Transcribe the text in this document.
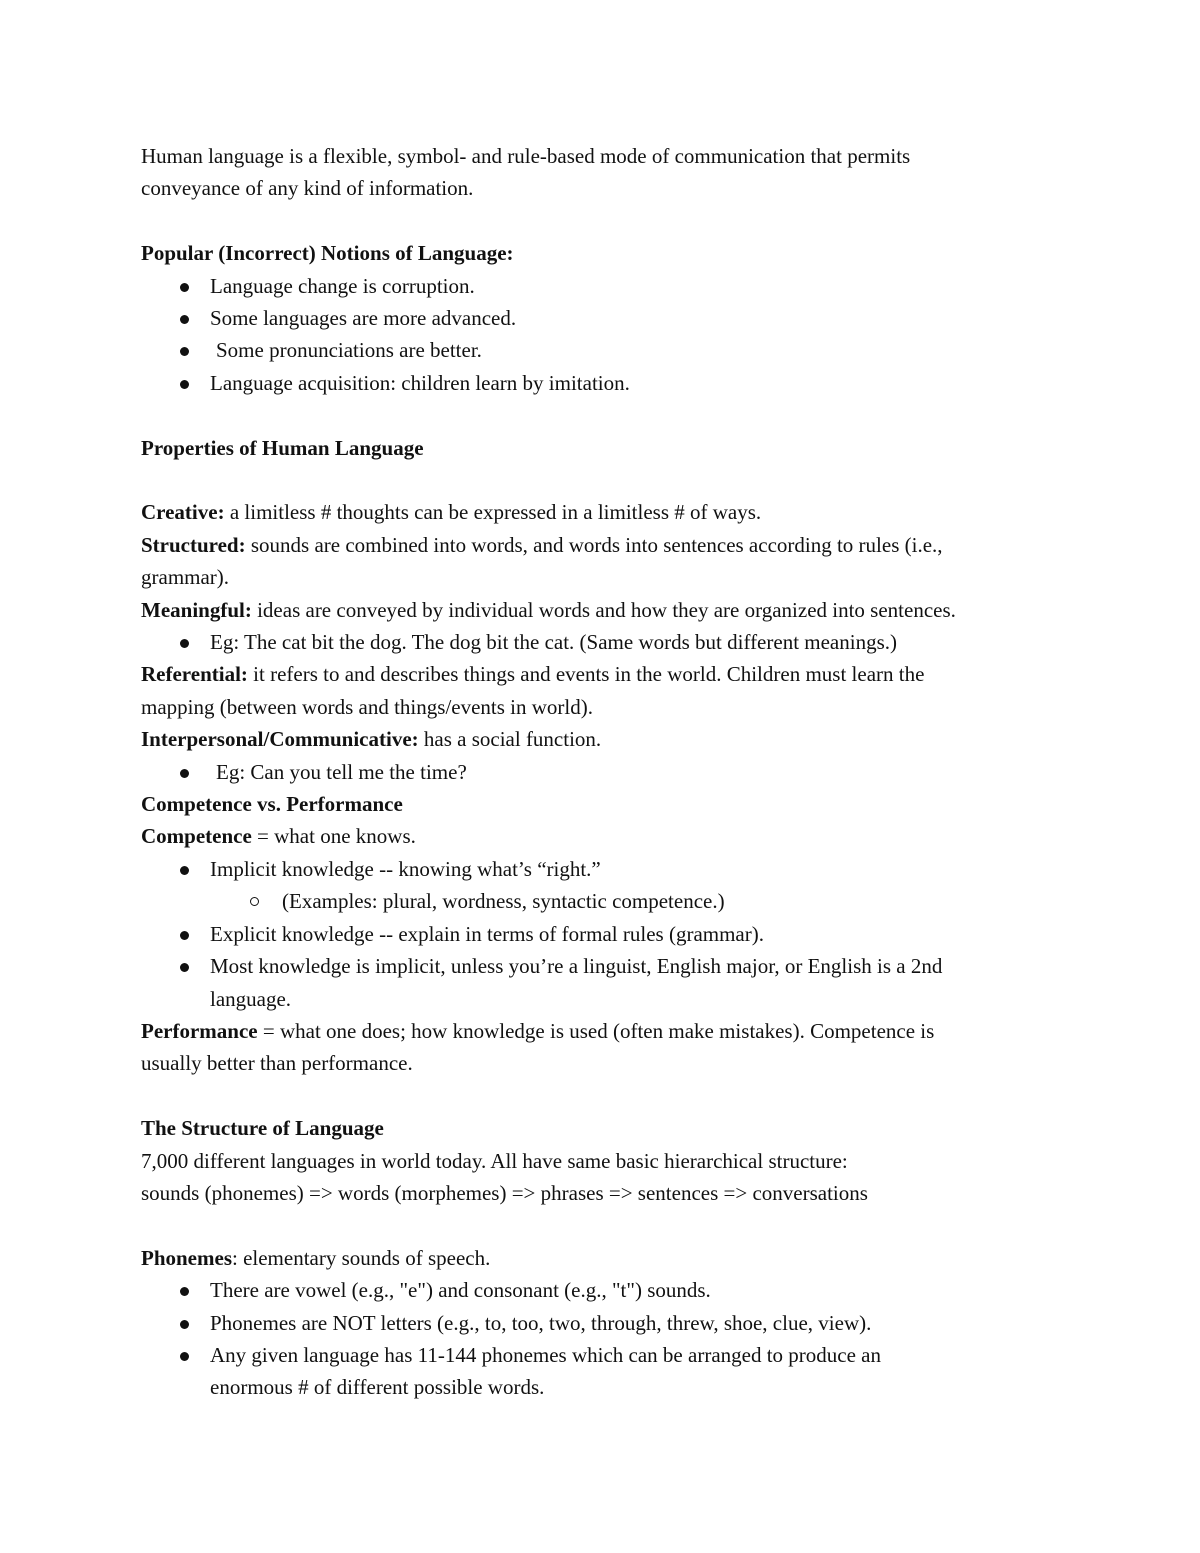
Human language is a flexible, symbol- and rule-based mode of communication that permits
conveyance of any kind of information.
Popular (Incorrect) Notions of Language:
Language change is corruption.
Some languages are more advanced.
Some pronunciations are better.
Language acquisition: children learn by imitation.
Properties of Human Language
Creative: a limitless # thoughts can be expressed in a limitless # of ways.
Structured: sounds are combined into words, and words into sentences according to rules (i.e.,
grammar).
Meaningful: ideas are conveyed by individual words and how they are organized into sentences.
Eg: The cat bit the dog. The dog bit the cat. (Same words but different meanings.)
Referential: it refers to and describes things and events in the world. Children must learn the
mapping (between words and things/events in world).
Interpersonal/Communicative: has a social function.
Eg: Can you tell me the time?
Competence vs. Performance
Competence = what one knows.
Implicit knowledge -- knowing what’s “right.”
(Examples: plural, wordness, syntactic competence.)
Explicit knowledge -- explain in terms of formal rules (grammar).
Most knowledge is implicit, unless you’re a linguist, English major, or English is a 2nd
language.
Performance = what one does; how knowledge is used (often make mistakes). Competence is
usually better than performance.
The Structure of Language
7,000 different languages in world today. All have same basic hierarchical structure:
sounds (phonemes) => words (morphemes) => phrases => sentences => conversations
Phonemes: elementary sounds of speech.
There are vowel (e.g., "e") and consonant (e.g., "t") sounds.
Phonemes are NOT letters (e.g., to, too, two, through, threw, shoe, clue, view).
Any given language has 11-144 phonemes which can be arranged to produce an
enormous # of different possible words.
